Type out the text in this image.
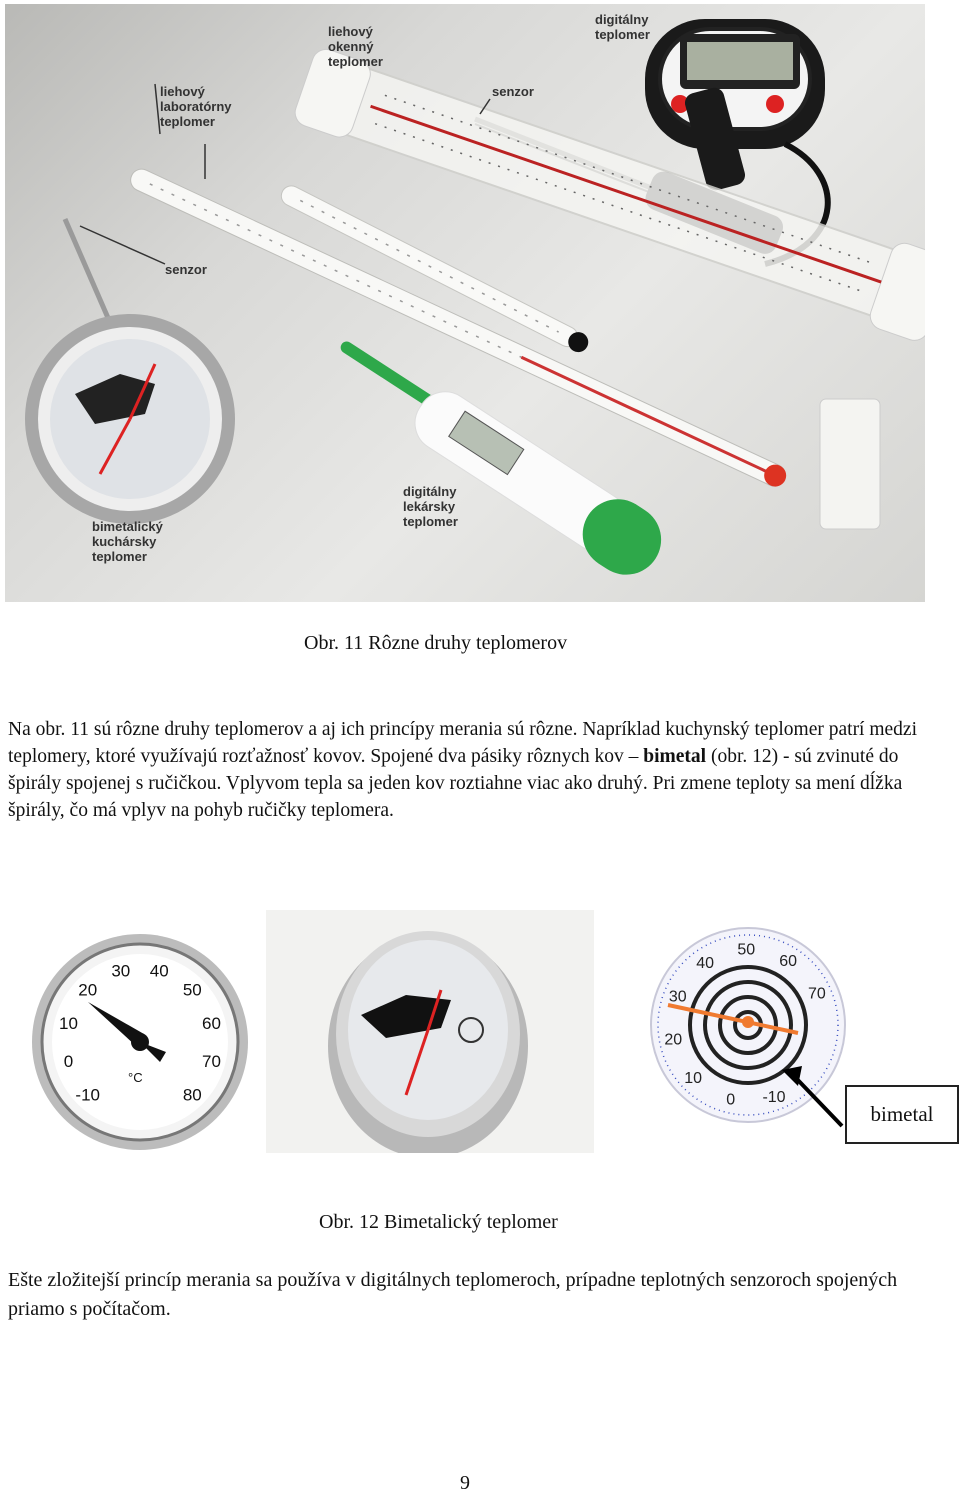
liehový
okenný
teplomer
digitálny
teplomer
senzor
liehový
laboratórny
teplomer
senzor
digitálny
lekársky
teplomer
bimetalický
kuchársky
teplomer
Obr. 11 Rôzne druhy teplomerov
Na obr. 11 sú rôzne druhy teplomerov a aj ich princípy merania sú rôzne. Napríklad kuchynský teplomer patrí medzi teplomery, ktoré využívajú rozťažnosť kovov. Spojené dva pásiky rôznych kov – bimetal (obr. 12) - sú zvinuté do špirály spojenej s ručičkou. Vplyvom tepla sa jeden kov roztiahne viac ako druhý. Pri zmene teploty sa mení dĺžka špirály, čo má vplyv na pohyb ručičky teplomera.
-10
0
10
20
30 40
50
60
70
80
°C
-10
0
10
20
30
40
50
60
70
bimetal
Obr. 12 Bimetalický teplomer
Ešte zložitejší princíp merania sa používa v digitálnych teplomeroch, prípadne teplotných senzoroch spojených priamo s počítačom.
9
